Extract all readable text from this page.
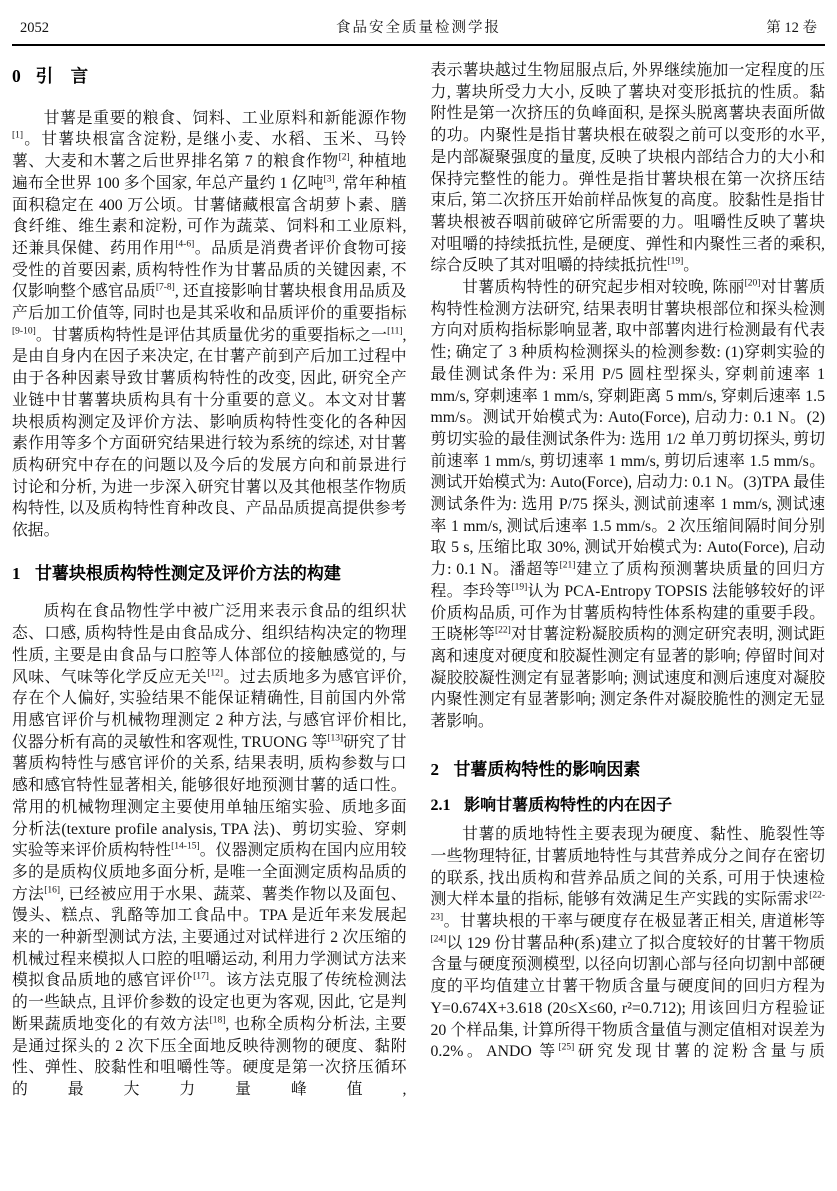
2052	食品安全质量检测学报	第 12 卷
0 引　言

甘薯是重要的粮食、饲料、工业原料和新能源作物[1]。甘薯块根富含淀粉, 是继小麦、水稻、玉米、马铃薯、大麦和木薯之后世界排名第 7 的粮食作物[2], 种植地遍布全世界 100 多个国家, 年总产量约 1 亿吨[3], 常年种植面积稳定在 400 万公顷。甘薯储藏根富含胡萝卜素、膳食纤维、维生素和淀粉, 可作为蔬菜、饲料和工业原料, 还兼具保健、药用作用[4-6]。品质是消费者评价食物可接受性的首要因素, 质构特性作为甘薯品质的关键因素, 不仅影响整个感官品质[7-8], 还直接影响甘薯块根食用品质及产后加工价值等, 同时也是其采收和品质评价的重要指标[9-10]。甘薯质构特性是评估其质量优劣的重要指标之一[11], 是由自身内在因子来决定, 在甘薯产前到产后加工过程中由于各种因素导致甘薯质构特性的改变, 因此, 研究全产业链中甘薯薯块质构具有十分重要的意义。本文对甘薯块根质构测定及评价方法、影响质构特性变化的各种因素作用等多个方面研究结果进行较为系统的综述, 对甘薯质构研究中存在的问题以及今后的发展方向和前景进行讨论和分析, 为进一步深入研究甘薯以及其他根茎作物质构特性, 以及质构特性育种改良、产品品质提高提供参考依据。

1 甘薯块根质构特性测定及评价方法的构建

质构在食品物性学中被广泛用来表示食品的组织状态、口感, 质构特性是由食品成分、组织结构决定的物理性质, 主要是由食品与口腔等人体部位的接触感觉的, 与风味、气味等化学反应无关[12]。过去质地多为感官评价, 存在个人偏好, 实验结果不能保证精确性, 目前国内外常用感官评价与机械物理测定 2 种方法, 与感官评价相比, 仪器分析有高的灵敏性和客观性, TRUONG 等[13]研究了甘薯质构特性与感官评价的关系, 结果表明, 质构参数与口感和感官特性显著相关, 能够很好地预测甘薯的适口性。常用的机械物理测定主要使用单轴压缩实验、质地多面分析法(texture profile analysis, TPA 法)、剪切实验、穿刺实验等来评价质构特性[14-15]。仪器测定质构在国内应用较多的是质构仪质地多面分析, 是唯一全面测定质构品质的方法[16], 已经被应用于水果、蔬菜、薯类作物以及面包、馒头、糕点、乳酪等加工食品中。TPA 是近年来发展起来的一种新型测试方法, 主要通过对试样进行 2 次压缩的机械过程来模拟人口腔的咀嚼运动, 利用力学测试方法来模拟食品质地的感官评价[17]。该方法克服了传统检测法的一些缺点, 且评价参数的设定也更为客观, 因此, 它是判断果蔬质地变化的有效方法[18], 也称全质构分析法, 主要是通过探头的 2 次下压全面地反映待测物的硬度、黏附性、弹性、胶黏性和咀嚼性等。硬度是第一次挤压循环的最大力量峰值,

表示薯块越过生物屈服点后, 外界继续施加一定程度的压力, 薯块所受力大小, 反映了薯块对变形抵抗的性质。黏附性是第一次挤压的负峰面积, 是探头脱离薯块表面所做的功。内聚性是指甘薯块根在破裂之前可以变形的水平, 是内部凝聚强度的量度, 反映了块根内部结合力的大小和保持完整性的能力。弹性是指甘薯块根在第一次挤压结束后, 第二次挤压开始前样品恢复的高度。胶黏性是指甘薯块根被吞咽前破碎它所需要的力。咀嚼性反映了薯块对咀嚼的持续抵抗性, 是硬度、弹性和内聚性三者的乘积, 综合反映了其对咀嚼的持续抵抗性[19]。

甘薯质构特性的研究起步相对较晚, 陈丽[20]对甘薯质构特性检测方法研究, 结果表明甘薯块根部位和探头检测方向对质构指标影响显著, 取中部薯肉进行检测最有代表性; 确定了 3 种质构检测探头的检测参数: (1)穿刺实验的最佳测试条件为: 采用 P/5 圆柱型探头, 穿刺前速率 1 mm/s, 穿刺速率 1 mm/s, 穿刺距离 5 mm/s, 穿刺后速率 1.5 mm/s。测试开始模式为: Auto(Force), 启动力: 0.1 N。(2)剪切实验的最佳测试条件为: 选用 1/2 单刀剪切探头, 剪切前速率 1 mm/s, 剪切速率 1 mm/s, 剪切后速率 1.5 mm/s。测试开始模式为: Auto(Force), 启动力: 0.1 N。(3)TPA 最佳测试条件为: 选用 P/75 探头, 测试前速率 1 mm/s, 测试速率 1 mm/s, 测试后速率 1.5 mm/s。2 次压缩间隔时间分别取 5 s, 压缩比取 30%, 测试开始模式为: Auto(Force), 启动力: 0.1 N。潘超等[21]建立了质构预测薯块质量的回归方程。李玲等[19]认为 PCA-Entropy TOPSIS 法能够较好的评价质构品质, 可作为甘薯质构特性体系构建的重要手段。王晓彬等[22]对甘薯淀粉凝胶质构的测定研究表明, 测试距离和速度对硬度和胶凝性测定有显著的影响; 停留时间对凝胶胶凝性测定有显著影响; 测试速度和测后速度对凝胶内聚性测定有显著影响; 测定条件对凝胶脆性的测定无显著影响。

2 甘薯质构特性的影响因素
2.1 影响甘薯质构特性的内在因子

甘薯的质地特性主要表现为硬度、黏性、脆裂性等一些物理特征, 甘薯质地特性与其营养成分之间存在密切的联系, 找出质构和营养品质之间的关系, 可用于快速检测大样本量的指标, 能够有效满足生产实践的实际需求[22-23]。甘薯块根的干率与硬度存在极显著正相关, 唐道彬等[24]以 129 份甘薯品种(系)建立了拟合度较好的甘薯干物质含量与硬度预测模型, 以径向切割心部与径向切割中部硬度的平均值建立甘薯干物质含量与硬度间的回归方程为 Y=0.674X+3.618 (20≤X≤60, r²=0.712); 用该回归方程验证 20 个样品集, 计算所得干物质含量值与测定值相对误差为 0.2%。ANDO 等[25]研究发现甘薯的淀粉含量与质
